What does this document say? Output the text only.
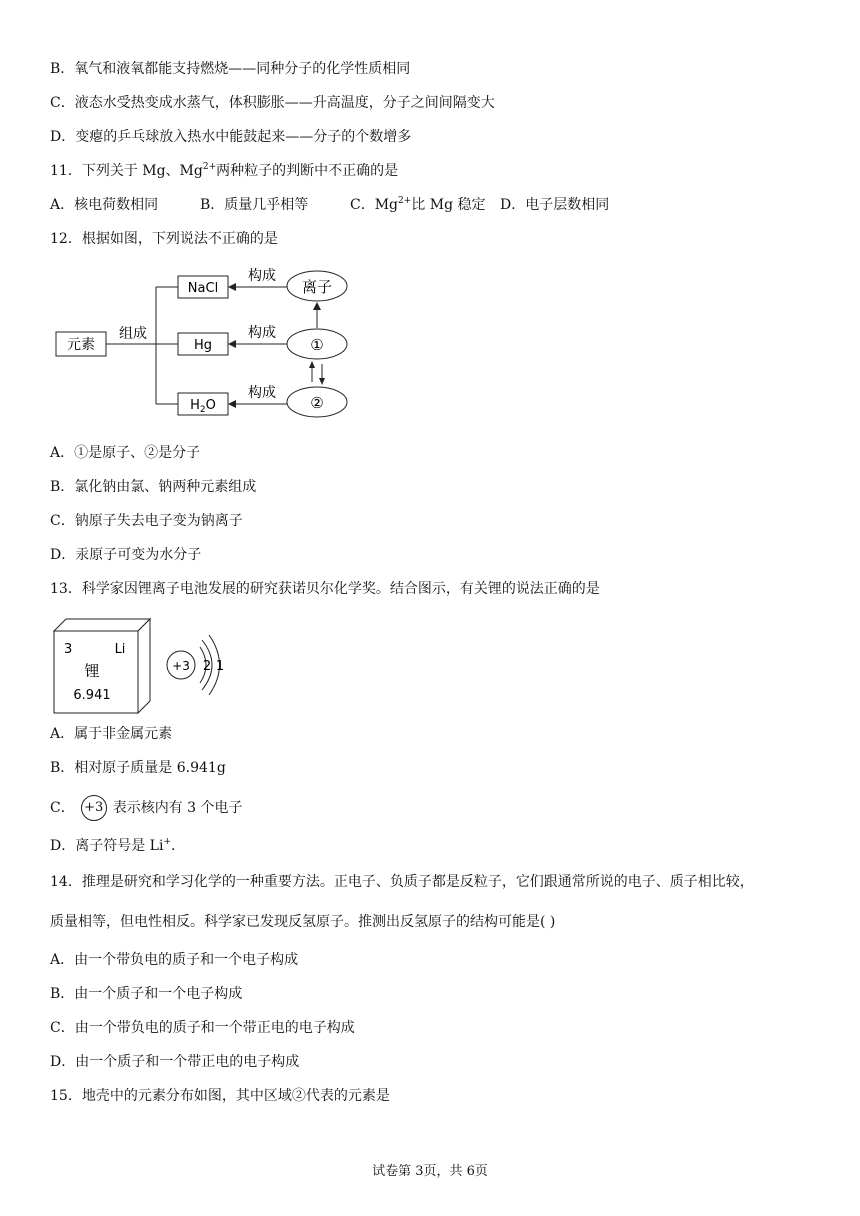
B．氧气和液氧都能支持燃烧——同种分子的化学性质相同
C．液态水受热变成水蒸气，体积膨胀——升高温度，分子之间间隔变大
D．变瘪的乒乓球放入热水中能鼓起来——分子的个数增多
11．下列关于 Mg、$Mg^{2+}$两种粒子的判断中不正确的是
A．核电荷数相同	B．质量几乎相等	C．$Mg^{2+}$比 Mg 稳定 D．电子层数相同
12．根据如图，下列说法不正确的是
元素
组成
NaCl
Hg
$H_2O$
构成
构成
构成
离子
①
②
A．①是原子、②是分子
B．氯化钠由氯、钠两种元素组成
C．钠原子失去电子变为钠离子
D．汞原子可变为水分子
13．科学家因锂离子电池发展的研究获诺贝尔化学奖。结合图示，有关锂的说法正确的是
3	Li
锂
6.941
+3 2 1
A．属于非金属元素
B．相对原子质量是 6.941g
C． +3 表示核内有 3 个电子
D．离子符号是 Li+.
14．推理是研究和学习化学的一种重要方法。正电子、负质子都是反粒子，它们跟通常所说的电子、质子相比较，
质量相等，但电性相反。科学家已发现反氢原子。推测出反氢原子的结构可能是( )
A．由一个带负电的质子和一个电子构成
B．由一个质子和一个电子构成
C．由一个带负电的质子和一个带正电的电子构成
D．由一个质子和一个带正电的电子构成
15．地壳中的元素分布如图，其中区域②代表的元素是
试卷第 3页，共 6页
